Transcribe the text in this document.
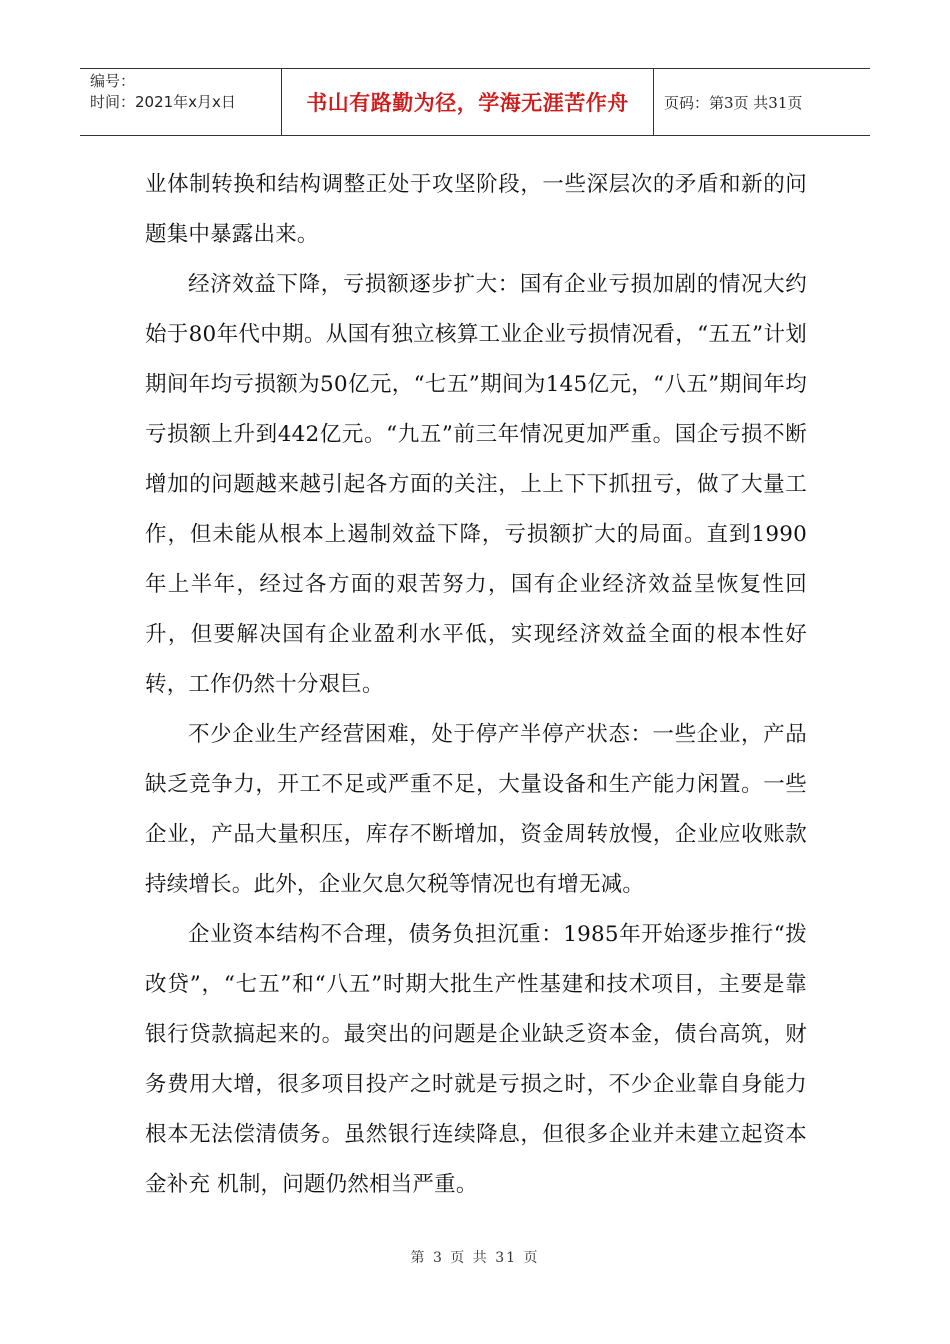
编号：
时间：2021年x月x日	书山有路勤为径，学海无涯苦作舟	页码：第3页 共31页

业体制转换和结构调整正处于攻坚阶段，一些深层次的矛盾和新的问题集中暴露出来。

经济效益下降，亏损额逐步扩大：国有企业亏损加剧的情况大约始于80年代中期。从国有独立核算工业企业亏损情况看，“五五”计划期间年均亏损额为50亿元，“七五”期间为145亿元，“八五”期间年均亏损额上升到442亿元。“九五”前三年情况更加严重。国企亏损不断增加的问题越来越引起各方面的关注，上上下下抓扭亏，做了大量工作，但未能从根本上遏制效益下降，亏损额扩大的局面。直到1990年上半年，经过各方面的艰苦努力，国有企业经济效益呈恢复性回升，但要解决国有企业盈利水平低，实现经济效益全面的根本性好转，工作仍然十分艰巨。

不少企业生产经营困难，处于停产半停产状态：一些企业，产品缺乏竞争力，开工不足或严重不足，大量设备和生产能力闲置。一些企业，产品大量积压，库存不断增加，资金周转放慢，企业应收账款持续增长。此外，企业欠息欠税等情况也有增无减。

企业资本结构不合理，债务负担沉重：1985年开始逐步推行“拨改贷”，“七五”和“八五”时期大批生产性基建和技术项目，主要是靠银行贷款搞起来的。最突出的问题是企业缺乏资本金，债台高筑，财务费用大增，很多项目投产之时就是亏损之时，不少企业靠自身能力根本无法偿清债务。虽然银行连续降息，但很多企业并未建立起资本金补充 机制，问题仍然相当严重。

第 3 页 共 31 页
